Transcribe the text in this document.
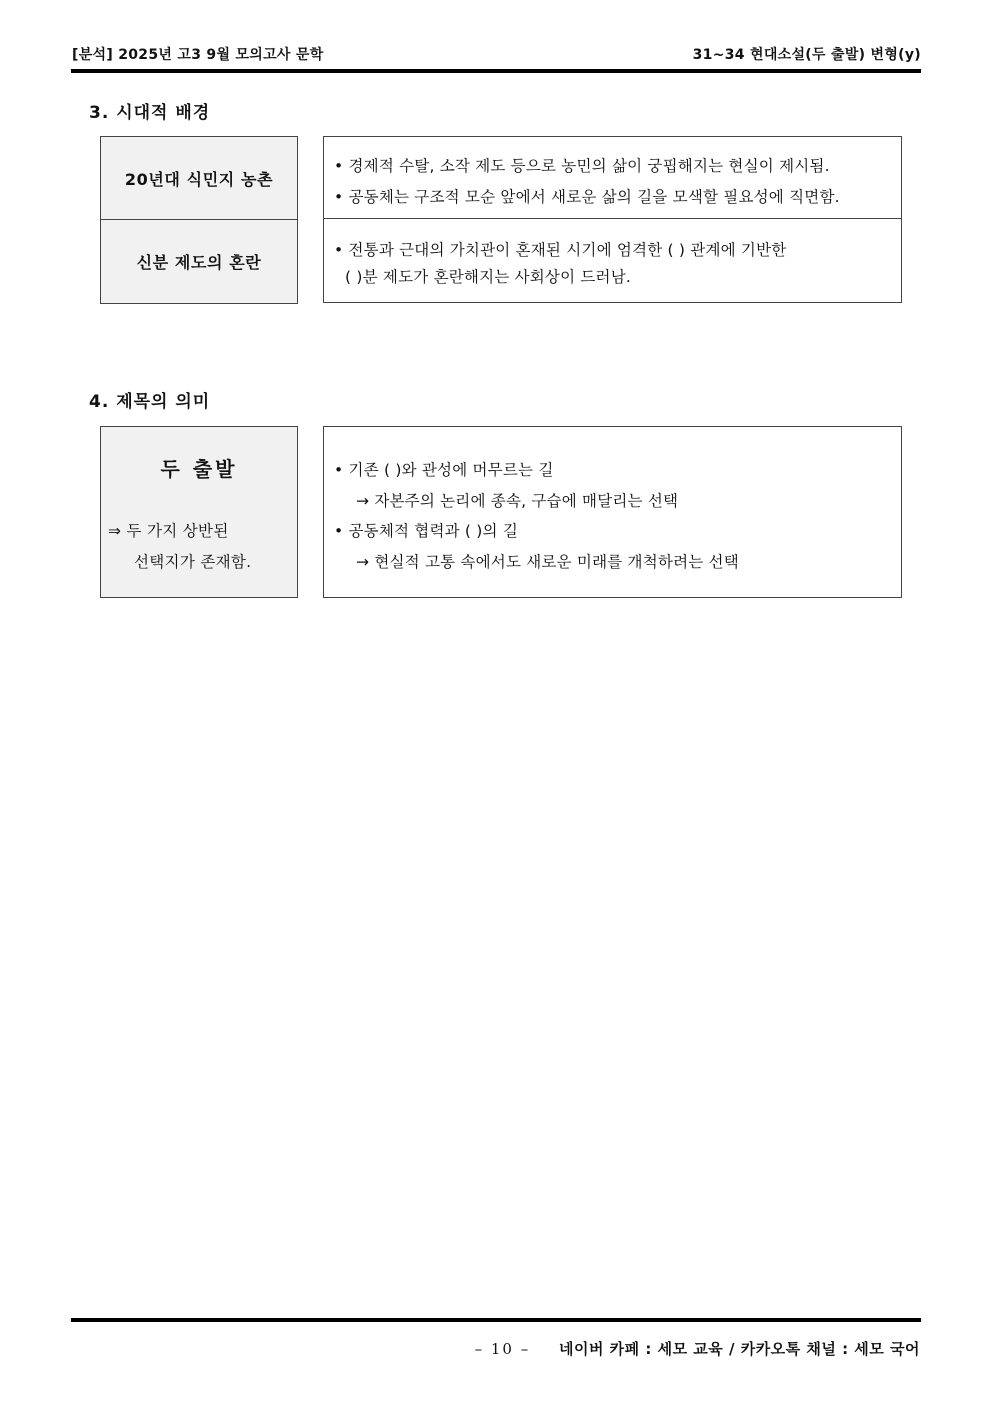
[분석] 2025년 고3 9월 모의고사 문학	31~34 현대소설(두 출발) 변형(y)
3. 시대적 배경
20년대 식민지 농촌
신분 제도의 혼란
• 경제적 수탈, 소작 제도 등으로 농민의 삶이 궁핍해지는 현실이 제시됨.
• 공동체는 구조적 모순 앞에서 새로운 삶의 길을 모색할 필요성에 직면함.
• 전통과 근대의 가치관이 혼재된 시기에 엄격한 ( ) 관계에 기반한
( )분 제도가 혼란해지는 사회상이 드러남.
4. 제목의 의미
두 출발
⇒ 두 가지 상반된
선택지가 존재함.
• 기존 ( )와 관성에 머무르는 길
→ 자본주의 논리에 종속, 구습에 매달리는 선택
• 공동체적 협력과 ( )의 길
→ 현실적 고통 속에서도 새로운 미래를 개척하려는 선택
– 10 – 네이버 카페 : 세모 교육 / 카카오톡 채널 : 세모 국어
